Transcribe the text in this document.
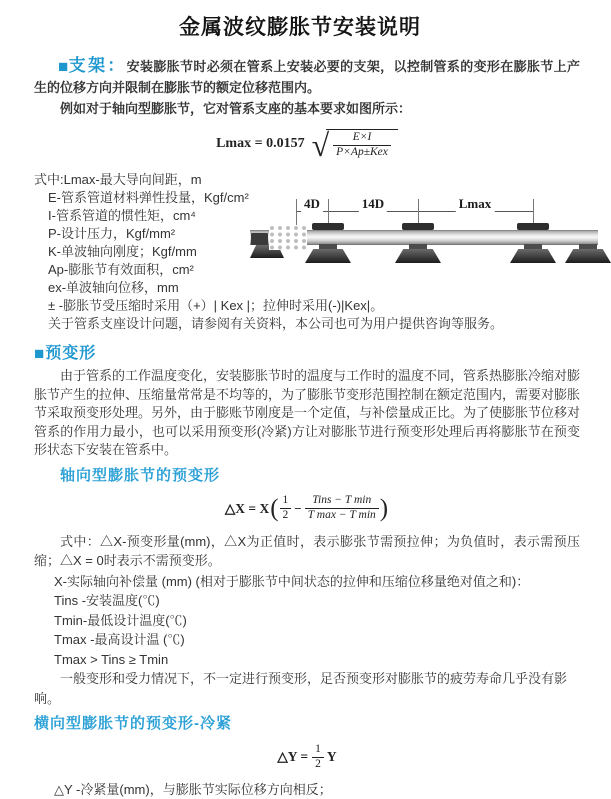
金属波纹膨胀节安装说明

■支架：安装膨胀节时必须在管系上安装必要的支架，以控制管系的变形在膨胀节上产生的位移方向并限制在膨胀节的额定位移范围内。

例如对于轴向型膨胀节，它对管系支座的基本要求如图所示：

Lmax = 0.0157 √ $\frac{E\times I}{\text{P×Ap±Kex}}$
式中:Lmax-最大导向间距，m
E-管系管道材料弹性投量，Kgf/cm²
I-管系管道的惯性矩，cm⁴
P-设计压力，Kgf/mm²
K-单波轴向刚度；Kgf/mm
Ap-膨胀节有效面积，cm²
ex-单波轴向位移，mm

± -膨胀节受压缩时采用（+）| Kex |；拉伸时采用(-)|Kex|。

关于管系支座设计问题，请参阅有关资料，本公司也可为用户提供咨询等服务。

4D	14D	Lmax
■预变形

由于管系的工作温度变化，安装膨胀节时的温度与工作时的温度不同，管系热膨胀冷缩对膨胀节产生的拉伸、压缩量常常是不均等的，为了膨胀节变形范围控制在额定范围内，需要对膨胀节采取预变形处理。另外，由于膨账节刚度是一个定值，与补偿量成正比。为了使膨胀节位移对管系的作用力最小，也可以采用预变形(冷紧)方让对膨胀节进行预变形处理后再将膨胀节在预变形状态下安装在管系中。

轴向型膨胀节的预变形
△X = X ( $\frac{1}{2} - \frac{\text{Tins − T min}}{\text{T max − T min}}$ )

式中：△X-预变形量(mm)，△X为正值时，表示膨张节需预拉伸；为负值时，表示需预压缩；△X = 0时表示不需预变形。

X-实际轴向补偿量 (mm) (相对于膨胀节中间状态的拉伸和压缩位移量绝对值之和)：
Tins -安装温度(℃)
Tmin-最低设计温度(℃)
Tmax -最高设计温 (℃)
Tmax > Tins ≥ Tmin

一般变形和受力情况下，不一定进行预变形，足否预变形对膨胀节的疲劳寿命几乎没有影响。

横向型膨胀节的预变形-冷紧
△Y =
$\frac{1}{2}$ Y

△Y -冷紧量(mm)，与膨胀节实际位移方向相反；
